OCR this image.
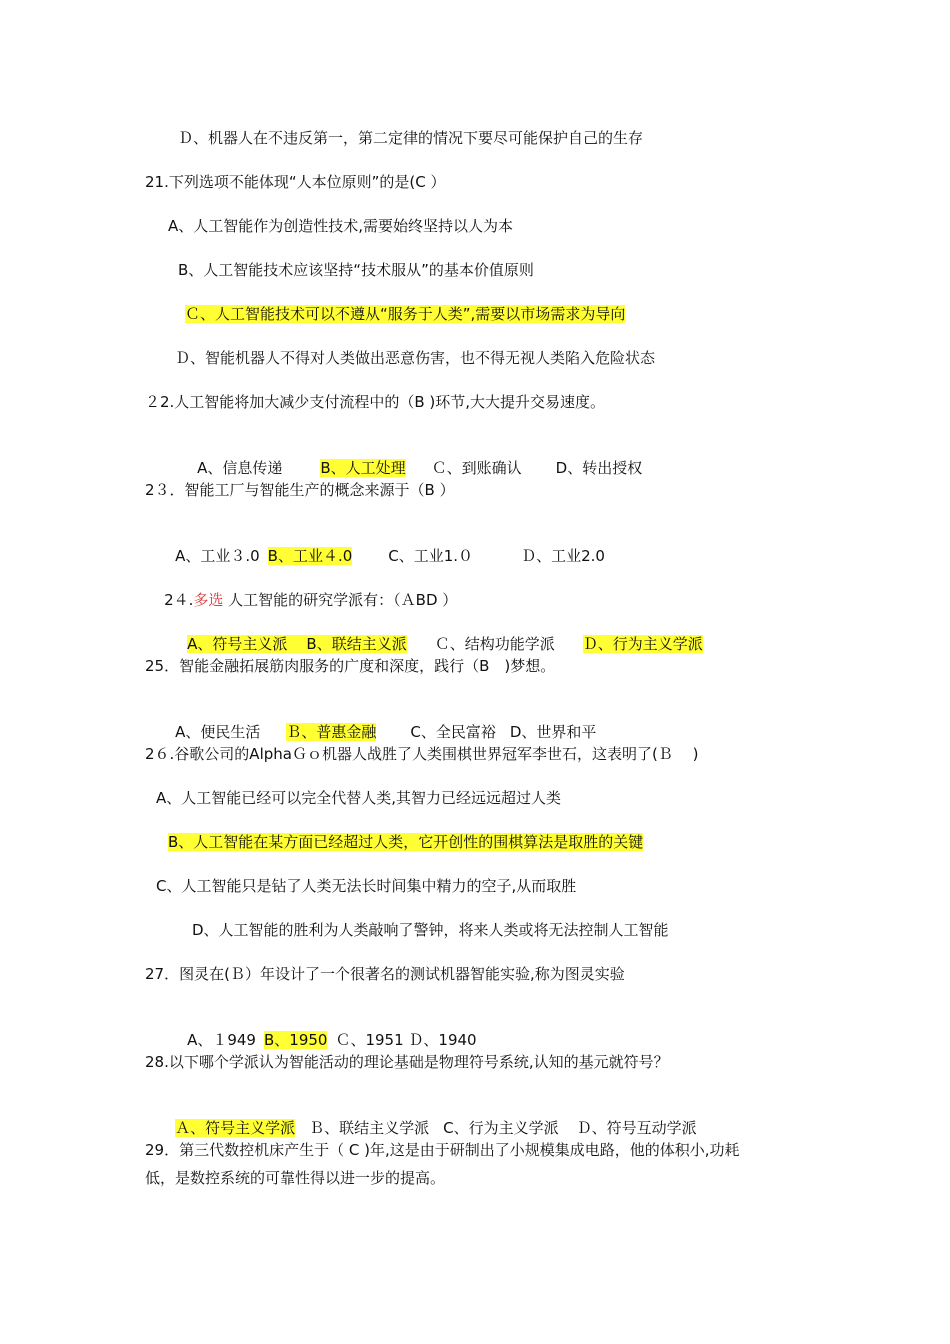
Ｄ、机器人在不违反第一，第二定律的情况下要尽可能保护自己的生存
21.下列选项不能体现“人本位原则”的是(C ）
A、人工智能作为创造性技术,需要始终坚持以人为本
B、人工智能技术应该坚持“技术服从”的基本价值原则
Ｃ、人工智能技术可以不遵从“服务于人类”,需要以市场需求为导向
Ｄ、智能机器人不得对人类做出恶意伤害，也不得无视人类陷入危险状态
２2.人工智能将加大减少支付流程中的（B )环节,大大提升交易速度。

A、信息传递	B、人工处理 Ｃ、到账确认 D、转出授权

2３．智能工厂与智能生产的概念来源于（B ）

A、工业３.0 B、工业４.0 C、工业1.０	Ｄ、工业2.0

2４.多选 人工智能的研究学派有：（ＡBD ）

A、符号主义派    B、联结主义派 Ｃ、结构功能学派 Ｄ、行为主义学派

25．智能金融拓展筋肉服务的广度和深度，践行（B　)梦想。

A、便民生活 Ｂ、普惠金融 C、全民富裕 D、世界和平

2６.谷歌公司的AlphaＧｏ机器人战胜了人类围棋世界冠军李世石，这表明了(Ｂ　 )
A、人工智能已经可以完全代替人类,其智力已经远远超过人类
B、人工智能在某方面已经超过人类，它开创性的围棋算法是取胜的关键
C、人工智能只是钻了人类无法长时间集中精力的空子,从而取胜
D、人工智能的胜利为人类敲响了警钟，将来人类或将无法控制人工智能
27．图灵在(Ｂ）年设计了一个很著名的测试机器智能实验,称为图灵实验

A、１949 B、1950 Ｃ、1951 Ｄ、1940

28.以下哪个学派认为智能活动的理论基础是物理符号系统,认知的基元就符号？

Ａ、符号主义学派 Ｂ、联结主义学派 C、行为主义学派 Ｄ、符号互动学派

29．第三代数控机床产生于（ C )年,这是由于研制出了小规模集成电路，他的体积小,功耗
低，是数控系统的可靠性得以进一步的提高。
